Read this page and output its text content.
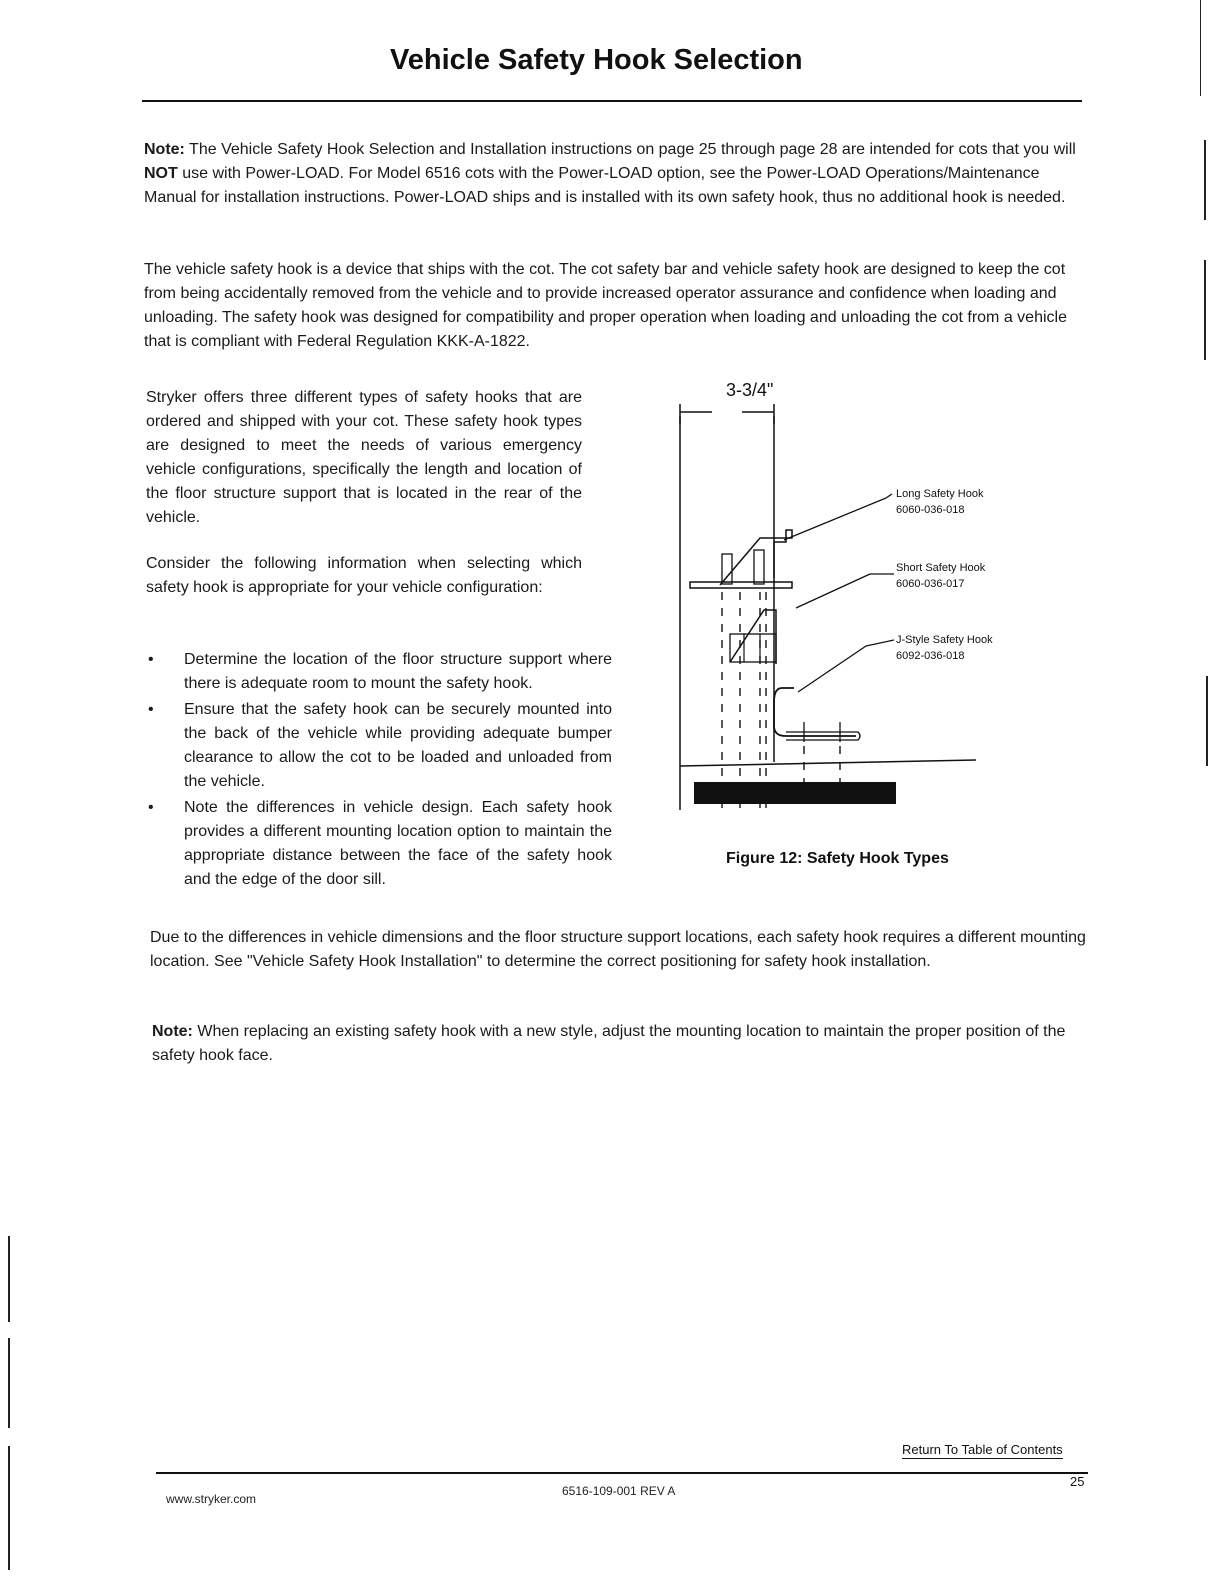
Vehicle Safety Hook Selection

Note: The Vehicle Safety Hook Selection and Installation instructions on page 25 through page 28 are intended for cots that you will NOT use with Power-LOAD. For Model 6516 cots with the Power-LOAD option, see the Power-LOAD Operations/Maintenance Manual for installation instructions. Power-LOAD ships and is installed with its own safety hook, thus no additional hook is needed.

The vehicle safety hook is a device that ships with the cot. The cot safety bar and vehicle safety hook are designed to keep the cot from being accidentally removed from the vehicle and to provide increased operator assurance and confidence when loading and unloading. The safety hook was designed for compatibility and proper operation when loading and unloading the cot from a vehicle that is compliant with Federal Regulation KKK-A-1822.

Stryker offers three different types of safety hooks that are ordered and shipped with your cot. These safety hook types are designed to meet the needs of various emergency vehicle configurations, specifically the length and location of the floor structure support that is located in the rear of the vehicle.

Consider the following information when selecting which safety hook is appropriate for your vehicle configuration:

• Determine the location of the floor structure support where there is adequate room to mount the safety hook.
• Ensure that the safety hook can be securely mounted into the back of the vehicle while providing adequate bumper clearance to allow the cot to be loaded and unloaded from the vehicle.
• Note the differences in vehicle design. Each safety hook provides a different mounting location option to maintain the appropriate distance between the face of the safety hook and the edge of the door sill.
3-3/4"
Long Safety Hook
6060-036-018
Short Safety Hook
6060-036-017
J-Style Safety Hook
6092-036-018
Figure 12: Safety Hook Types

Due to the differences in vehicle dimensions and the floor structure support locations, each safety hook requires a different mounting location. See "Vehicle Safety Hook Installation" to determine the correct positioning for safety hook installation.

Note: When replacing an existing safety hook with a new style, adjust the mounting location to maintain the proper position of the safety hook face.

Return To Table of Contents
25
www.stryker.com
6516-109-001 REV A
